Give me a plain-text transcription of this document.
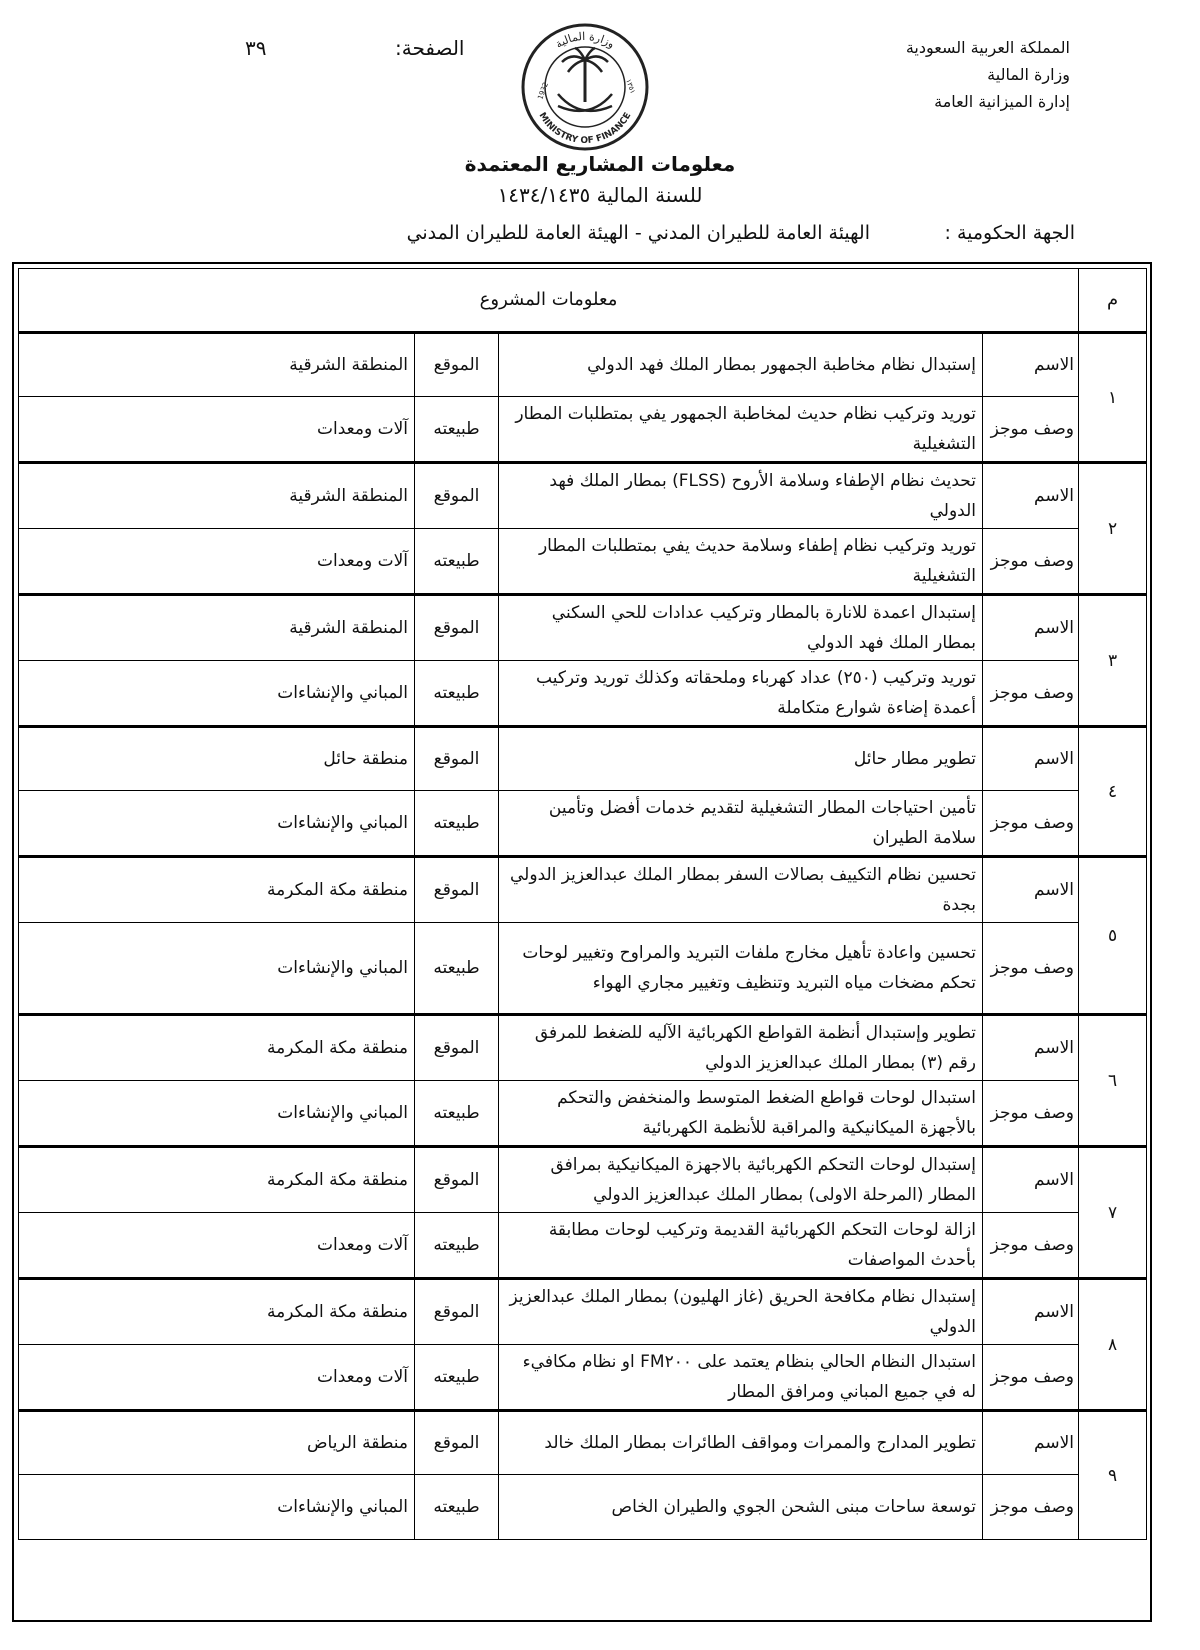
المملكة العربية السعودية
وزارة المالية
إدارة الميزانية العامة
الصفحة:
٣٩	وزارة المالية
MINISTRY OF FINANCE
1932	١٣٥١
معلومات المشاريع المعتمدة
للسنة المالية ١٤٣٤/١٤٣٥
الجهة الحكومية :
الهيئة العامة للطيران المدني - الهيئة العامة للطيران المدني
م	معلومات المشروع			
١	الاسم	إستبدال نظام مخاطبة الجمهور بمطار الملك فهد الدولي	الموقع	المنطقة الشرقية
	وصف موجز	توريد وتركيب نظام حديث لمخاطبة الجمهور يفي بمتطلبات المطار التشغيلية	طبيعته	آلات ومعدات
٢	الاسم	تحديث نظام الإطفاء وسلامة الأروح (FLSS) بمطار الملك فهد الدولي	الموقع	المنطقة الشرقية
	وصف موجز	توريد وتركيب نظام إطفاء وسلامة حديث يفي بمتطلبات المطار التشغيلية	طبيعته	آلات ومعدات
٣	الاسم	إستبدال اعمدة للانارة بالمطار وتركيب عدادات للحي السكني بمطار الملك فهد الدولي	الموقع	المنطقة الشرقية
	وصف موجز	توريد وتركيب (٢٥٠) عداد كهرباء وملحقاته وكذلك توريد وتركيب أعمدة إضاءة شوارع متكاملة	طبيعته	المباني والإنشاءات
٤	الاسم	تطوير مطار حائل	الموقع	منطقة حائل
	وصف موجز	تأمين احتياجات المطار التشغيلية لتقديم خدمات أفضل وتأمين سلامة الطيران	طبيعته	المباني والإنشاءات
٥	الاسم	تحسين نظام التكييف بصالات السفر بمطار الملك عبدالعزيز الدولي بجدة	الموقع	منطقة مكة المكرمة
	وصف موجز	تحسين واعادة تأهيل مخارج ملفات التبريد والمراوح وتغيير لوحات تحكم مضخات مياه التبريد وتنظيف وتغيير مجاري الهواء	طبيعته	المباني والإنشاءات
٦	الاسم	تطوير وإستبدال أنظمة القواطع الكهربائية الآليه للضغط للمرفق رقم (٣) بمطار الملك عبدالعزيز الدولي	الموقع	منطقة مكة المكرمة
	وصف موجز	استبدال لوحات قواطع الضغط المتوسط والمنخفض والتحكم بالأجهزة الميكانيكية والمراقبة للأنظمة الكهربائية	طبيعته	المباني والإنشاءات
٧	الاسم	إستبدال لوحات التحكم الكهربائية بالاجهزة الميكانيكية بمرافق المطار (المرحلة الاولى) بمطار الملك عبدالعزيز الدولي	الموقع	منطقة مكة المكرمة
	وصف موجز	ازالة لوحات التحكم الكهربائية القديمة وتركيب لوحات مطابقة بأحدث المواصفات	طبيعته	آلات ومعدات
٨	الاسم	إستبدال نظام مكافحة الحريق (غاز الهليون) بمطار الملك عبدالعزيز الدولي	الموقع	منطقة مكة المكرمة
	وصف موجز	استبدال النظام الحالي بنظام يعتمد على FM٢٠٠ او نظام مكافيء له في جميع المباني ومرافق المطار	طبيعته	آلات ومعدات
٩	الاسم	تطوير المدارج والممرات ومواقف الطائرات بمطار الملك خالد	الموقع	منطقة الرياض
	وصف موجز	توسعة ساحات مبنى الشحن الجوي والطيران الخاص	طبيعته	المباني والإنشاءات
